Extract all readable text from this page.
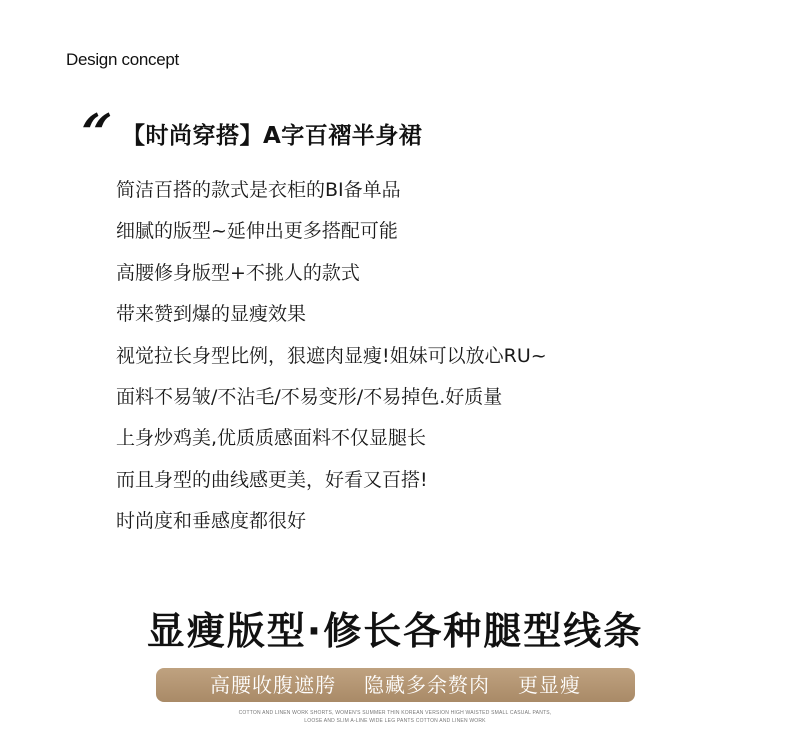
Design concept
“ 【时尚穿搭】A字百褶半身裙
简洁百搭的款式是衣柜的BI备单品
细腻的版型~延伸出更多搭配可能
高腰修身版型+不挑人的款式
带来赞到爆的显瘦效果
视觉拉长身型比例，狠遮肉显瘦!姐妹可以放心RU~
面料不易皱/不沾毛/不易变形/不易掉色.好质量
上身炒鸡美,优质质感面料不仅显腿长
而且身型的曲线感更美，好看又百搭!
时尚度和垂感度都很好
显瘦版型·修长各种腿型线条
高腰收腹遮胯 隐藏多余赘肉 更显瘦
COTTON AND LINEN WORK SHORTS, WOMEN'S SUMMER THIN KOREAN VERSION HIGH WAISTED SMALL CASUAL PANTS,
LOOSE AND SLIM A-LINE WIDE LEG PANTS COTTON AND LINEN WORK
